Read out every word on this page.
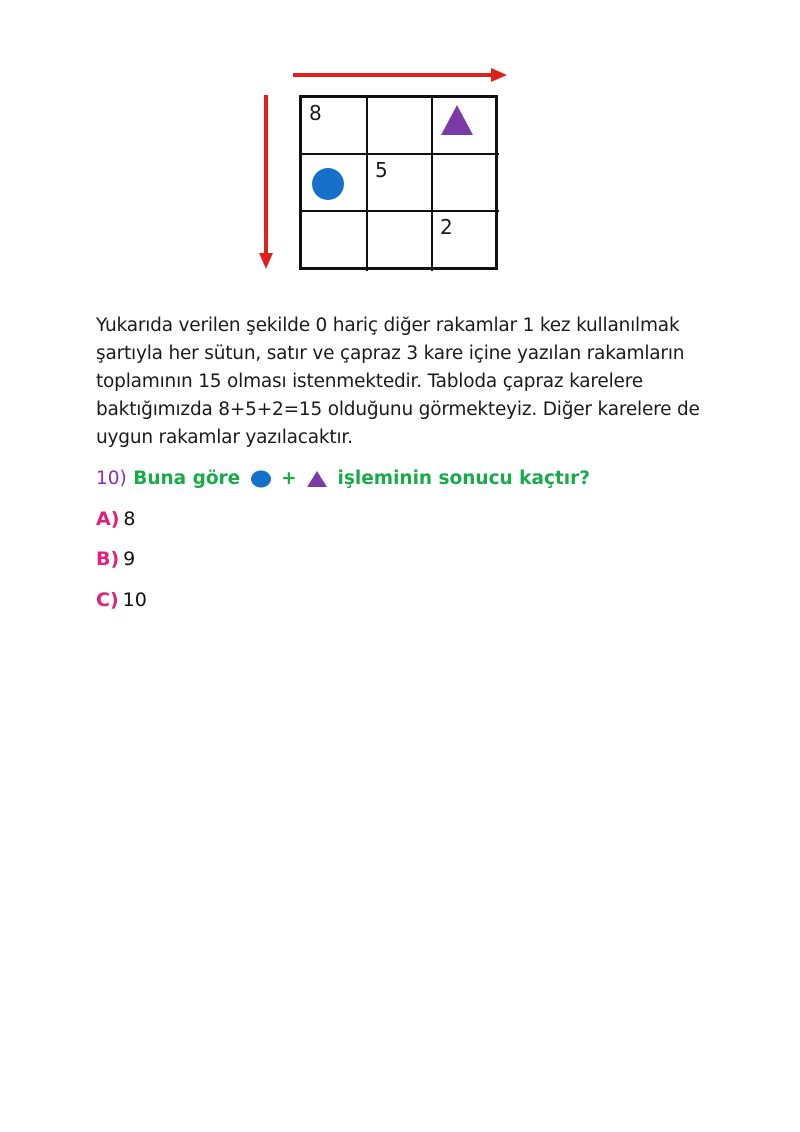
8
5
2

Yukarıda verilen şekilde 0 hariç diğer rakamlar 1 kez kullanılmak

şartıyla her sütun, satır ve çapraz 3 kare içine yazılan rakamların

toplamının 15 olması istenmektedir. Tabloda çapraz karelere

baktığımızda 8+5+2=15 olduğunu görmekteyiz. Diğer karelere de

uygun rakamlar yazılacaktır.

10) Buna göre + işleminin sonucu kaçtır?
A) 8
B) 9
C) 10
